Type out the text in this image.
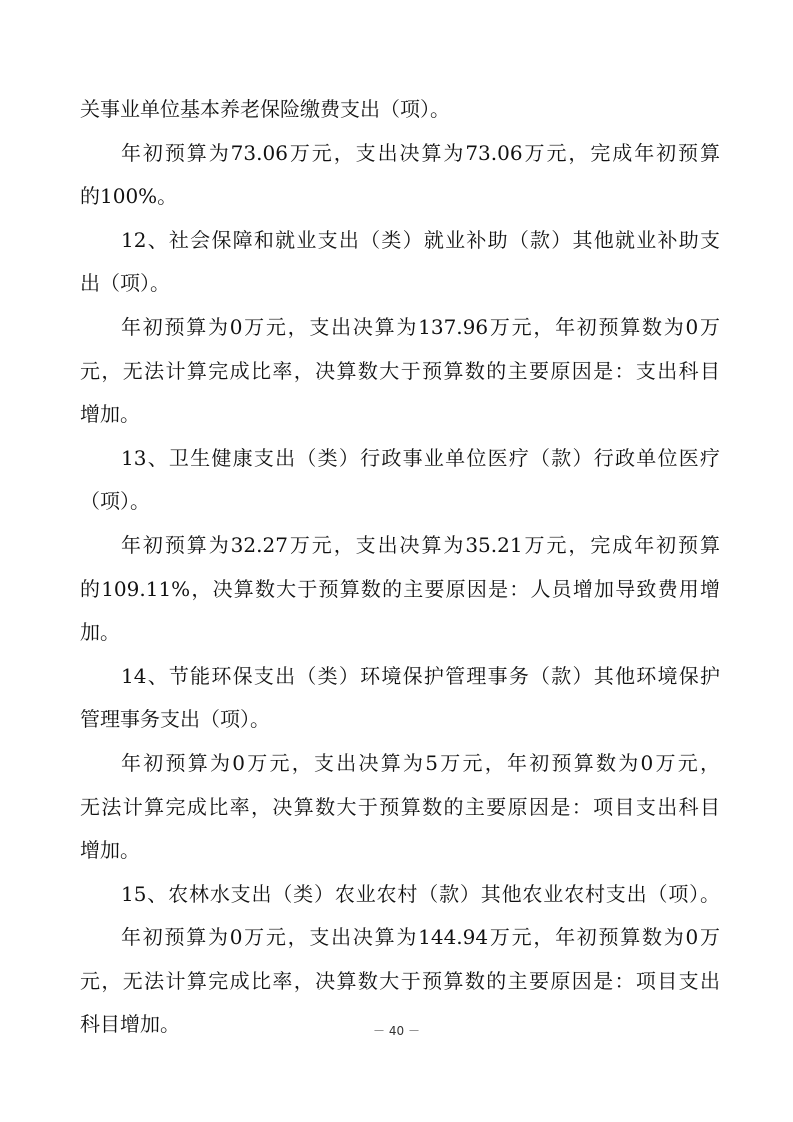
关事业单位基本养老保险缴费支出（项）。
年初预算为73.06万元，支出决算为73.06万元，完成年初预算
的100%。
12、社会保障和就业支出（类）就业补助（款）其他就业补助支
出（项）。
年初预算为0万元，支出决算为137.96万元，年初预算数为0万
元，无法计算完成比率，决算数大于预算数的主要原因是：支出科目
增加。
13、卫生健康支出（类）行政事业单位医疗（款）行政单位医疗
（项）。
年初预算为32.27万元，支出决算为35.21万元，完成年初预算
的109.11%，决算数大于预算数的主要原因是：人员增加导致费用增
加。
14、节能环保支出（类）环境保护管理事务（款）其他环境保护
管理事务支出（项）。
年初预算为0万元，支出决算为5万元，年初预算数为0万元，
无法计算完成比率，决算数大于预算数的主要原因是：项目支出科目
增加。
15、农林水支出（类）农业农村（款）其他农业农村支出（项）。
年初预算为0万元，支出决算为144.94万元，年初预算数为0万
元，无法计算完成比率，决算数大于预算数的主要原因是：项目支出
科目增加。	－ 40 －
